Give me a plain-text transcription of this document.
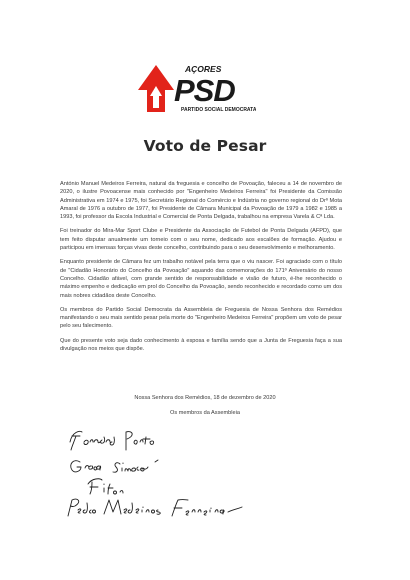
AÇORES
PSD
PARTIDO SOCIAL DEMOCRATA
Voto de Pesar

António Manuel Medeiros Ferreira, natural da freguesia e concelho de Povoação, faleceu a 14 de novembro de 2020, o ilustre Povoacense mais conhecido por "Engenheiro Medeiros Ferreira" foi Presidente da Comissão Administrativa em 1974 e 1975, foi Secretário Regional do Comércio e Indústria no governo regional do Drº Mota Amaral de 1976 a outubro de 1977, foi Presidente de Câmara Municipal da Povoação de 1979 a 1982 e 1985 a 1993, foi professor da Escola Industrial e Comercial de Ponta Delgada, trabalhou na empresa Varela & Cª Lda.

Foi treinador do Mira-Mar Sport Clube e Presidente da Associação de Futebol de Ponta Delgada (AFPD), que tem feito disputar anualmente um torneio com o seu nome, dedicado aos escalões de formação. Ajudou e participou em imensas forças vivas deste concelho, contribuindo para o seu desenvolvimento e melhoramento.

Enquanto presidente de Câmara fez um trabalho notável pela terra que o viu nascer. Foi agraciado com o título de "Cidadão Honorário do Concelho da Povoação" aquando das comemorações do 171º Aniversário do nosso Concelho. Cidadão afável, com grande sentido de responsabilidade e visão de futuro, é-lhe reconhecido o máximo empenho e dedicação em prol do Concelho da Povoação, sendo reconhecido e recordado como um dos mais nobres cidadãos deste Concelho.

Os membros do Partido Social Democrata da Assembleia de Freguesia de Nossa Senhora dos Remédios manifestando o seu mais sentido pesar pela morte do "Engenheiro Medeiros Ferreira" propõem um voto de pesar pelo seu falecimento.

Que do presente voto seja dado conhecimento à esposa e família sendo que a Junta de Freguesia faça a sua divulgação nos meios que dispõe.

Nossa Senhora dos Remédios, 18 de dezembro de 2020
Os membros da Assembleia
